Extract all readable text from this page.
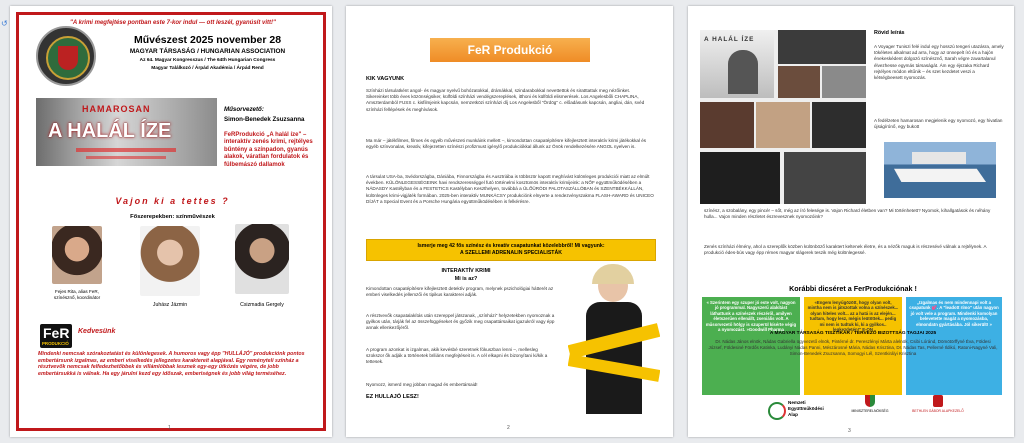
↺	"A krimi megfejtése pontban este 7-kor indul — ott leszél, gyanúsít vitt!"
Művészest 2025 november 28
MAGYAR TÁRSASÁG / HUNGARIAN ASSOCIATION
Az 64. Magyar Kongresszus / The 64th Hungarian Congress
Magyar Találkozó / Árpád Akadémia / Árpád Rend
HAMAROSAN
A HALÁL ÍZE
Műsorvezető:
Simon-Benedek Zsuzsanna
FeRProdukció „A halál íze" – interaktív zenés krimi, rejtélyes bűntény a színpadon, gyanús alakok, váratlan fordulatok és fülbemászó dallamok
Vajon ki a tettes ?
Főszerepekben: színművészek
Fejes Rita, alias FeR, színésznő, koordinátor
Juhász Jázmin	Csizmadia Gergely
FeR
PRODUKCIÓ
Kedvesünk
Mindenki nemcsak szórakoztatást és különlegesek. A humoros vagy épp "HULLÁJÓ" produkciónk pontos embertársunk izgalmas, az emberi viselkedés jellegzetes karaktereit alapjával. Egy reményteli színház a résztvevők nemcsak felfedezhetőbbek és villámlóbbak lesznek egy-egy ütközés végére, de jobb embertársukká is válnak. Ha egy járulni kezd egy időszak, emberiségnek és jobb világ terméséhez.
1
FeR Produkció
KIK VAGYUNK
Színházi társulatként angol- és magyar nyelvű bohózatokkal, drámákkal, szindarabokkal nevettettük és siratttattuk meg nézőinket. Sikereinket több éves közönségsiker, külföldi színházi vendégszereplések, itthoni és külföldi elismerések. Los Angelesbőli CHAPLINA, Amszterdamból FUSS c. kisfilmjeink kapcsán, nemzetközi színházi díj Los Angelesből "Ördög" c. előadásunk kapcsán, angliai, dán, svéd színházi fellépések és meghívások.
Ma már – játékfilmes, filmes és egyéb művészeti munkáink mellett –, kimondottan csapatépítésre kifejlesztett interaktív krimi játékokkal és egyéb színvonalas, kreatív, kifejezetten színészi profizmust igénylő produkciókkal állunk az Önök rendelkezésére ANGOL nyelven is.
A társulat USA-ba, Svédországba, Dániába, Finnországba és Ausztriába is többször kapott meghívást különleges produkciói miatt az elmúlt években. KÜLÖNLEGESSÉGEINK havi rendszerességgel futó történelmi kosztümös interaktív krimijeink: a NŐF együttműködésében a NÁDASDY Kastélyban és a FESTETICS Kastélyban Keszthelyen, továbbá a ÜLŐÜRÓDI PALOTASZÁLLÓBAN és SZENTBÉKKÁLLÁN, különleges krimi-vigjáték formában. 2025-ben interaktív MUNKÁCSY produkciónk elnyerte a rendezvényszakma FLASH-AWARD és UNICEO DÍJÁT a Special Event és a Porsche Hungária együttműködésében is felkérésre.
Ismerje meg 42 fős színész és kreatív csapatunkat közelebbről! Mi vagyunk:
A SZELLEMI ADRENALIN SPECIALISTÁK
INTERAKTÍV KRIMI
Mi is az?
Kimondottan csapatépítésre kifejlesztett detektív program, melynek pszichológiai hátterét az emberi viselkedés jellemzői és tipikus karakterei adják.
A résztvevők csapatalakítás után szereppel játszanak, „színházi" helyzetekben nyomoznak a gyilkos után, tárják fel az összefüggéseket és győzik meg csapattársaikat igazukról vagy épp annak ellenkezőjéről.
A program azonkat is izgalmas, akik kevésbé szeretnek fókuszban lenni –, mellesleg szokszor ők adják a történetek briliáns megfejtéseit is. A cél elkapni és bizonyítani ki/kik a tettesek.
Nyomozz, ismerd meg jobban magad és embertársaid!
EZ HULLAJÓ LESZ!
2
A HALÁL ÍZE
Rövid leírás
A Voyager Tuniszi felé indul egy hosszú tengeri utazásra, amely tökéletes alkalmat ad arra, hogy az ünnepelt író és a hajón énekeskédent dolgozó színésznő, Sarah végre zavartalanul élvezhesse egymás társaságát. Ám egy éjszaka Richard rejtélyes módon eltűnik – és szet kezdetet veszi a kétségbeesett nyomozás.
A fedélzeten hamarosan megjelenik egy nyomozó, egy hivatlan újságírónő, egy bukott
színész, a szobalány, egy pincér – sőt, még az író felesége is. Vajon Richard életben van? Mi történhetett? Nyomok, kihallgatások és néhány hulla... Vajon minden részletet észrevesznek nyomozóink?
Zenés színházi élmény, ahol a szereplők közben különböző karaktert keltenek életre, és a nézők maguk is részesévé válnak a rejtélynek. A produkció édes-bús vagy épp rémes magyar slágerek teszik még különlegessé.
Korábbi dicséret a FerProdukciónak !
« Szerintem egy szuper jó este volt, nagyon jó programmal. Nagyszerű alakítást láthattunk a színészek részéről, amilyen életszerűen ellenállt, zseniális volt. A műsorvezető hölgy is szuperül kísérte végig a nyomozást. »Goodwill Pharma
«Engem lenyűgözött, hogy olyan volt, mintha nem is játszottak volna a színészek... olyan hiteles volt... az a hatá is az elején... tudtam, hogy lesz, mégis leütöttek... pedig mi nem is tudtuk ki, ki a gyilkos.. legkezdetén!" E-ON
„Izgalmas és nem mindennapi volt a csapatunk 💕. A "leadott rímo" után nagyon jó volt vele a program. Mindenki komolyan belevetette magát a nyomozásba, elmondatn gyártásába. Jól sikerült! »
A MAGYAR TÁRSASÁG TISZTIKAR / TERVEZŐ BIZOTTSÁG TAGJAI 2025
Dr. Nádas János elnök, Nádas Gabriella ügyvezető elnök, Pintérné dr. Pereszlényi Márta alelnök, Csibi Lóránd, Dömötörffyné Éva, Földesi József, Földesiné Fördős Katinka, Ludányi Nádas Panni, Mészárosné Mária, Nádas Krisztina, Dr. Nádas Tas, Pellerné Ildikó, Ratoni-Nagyné Vali, Simon-Benedek Zsuzsanna, Somogyi Lél, Szentkirályi Krisztina
Nemzeti
Együttműködési
Alap
MINISZTERELNÖKSÉG	BETHLEN GÁBOR ALAPKEZELŐ
3
